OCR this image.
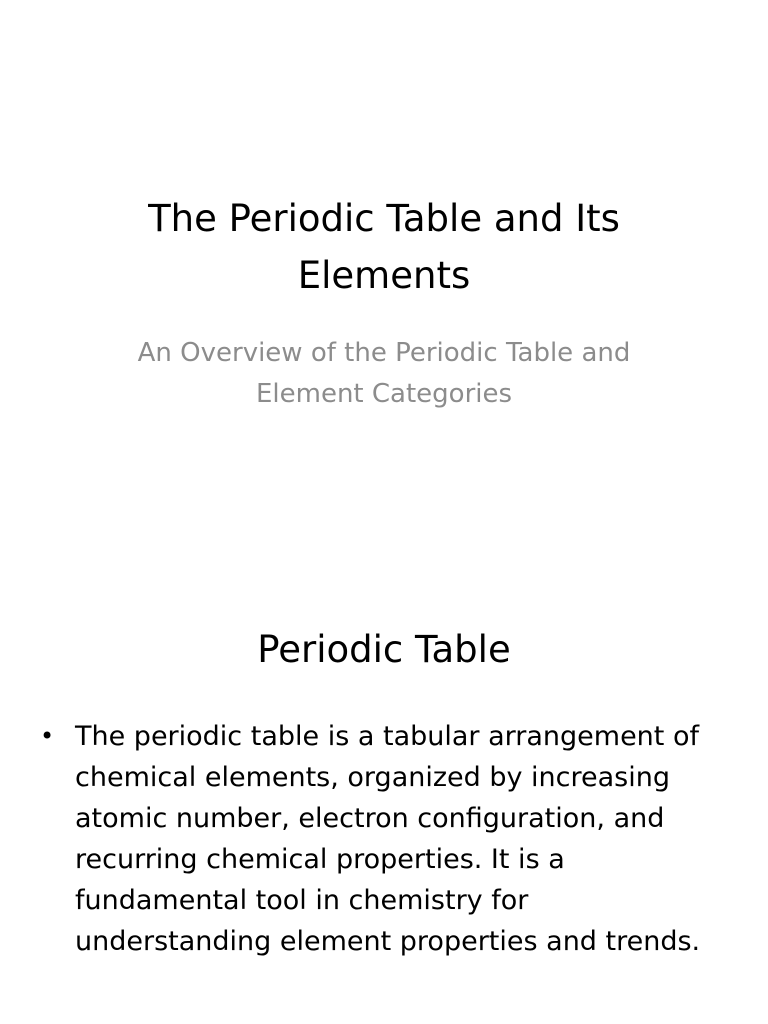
The Periodic Table and Its Elements
An Overview of the Periodic Table and Element Categories
Periodic Table
• The periodic table is a tabular arrangement of chemical elements, organized by increasing atomic number, electron configuration, and recurring chemical properties. It is a fundamental tool in chemistry for understanding element properties and trends.
